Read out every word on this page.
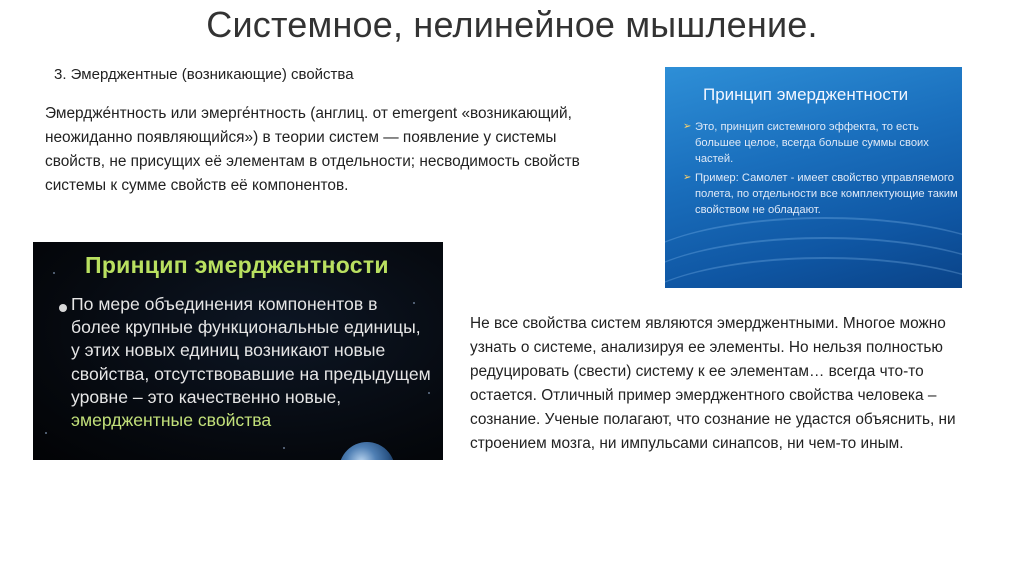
Системное, нелинейное мышление.
3. Эмерджентные (возникающие) свойства
Эмердже́нтность или эмерге́нтность (англиц. от emergent «возникающий, неожиданно появляющийся») в теории систем — появление у системы свойств, не присущих её элементам в отдельности; несводимость свойств системы к сумме свойств её компонентов.
Принцип эмерджентности
По мере объединения компонентов в более крупные функциональные единицы, у этих новых единиц возникают новые свойства, отсутствовавшие на предыдущем уровне – это качественно новые, эмерджентные свойства
Принцип эмерджентности
➢ Это, принцип системного эффекта, то есть большее целое, всегда больше суммы своих частей.
➢ Пример: Самолет - имеет свойство управляемого полета, по отдельности все комплектующие таким свойством не обладают.
Не все свойства систем являются эмерджентными. Многое можно узнать о системе, анализируя ее элементы. Но нельзя полностью редуцировать (свести) систему к ее элементам… всегда что-то остается. Отличный пример эмерджентного свойства человека – сознание. Ученые полагают, что сознание не удастся объяснить, ни строением мозга, ни импульсами синапсов, ни чем-то иным.
